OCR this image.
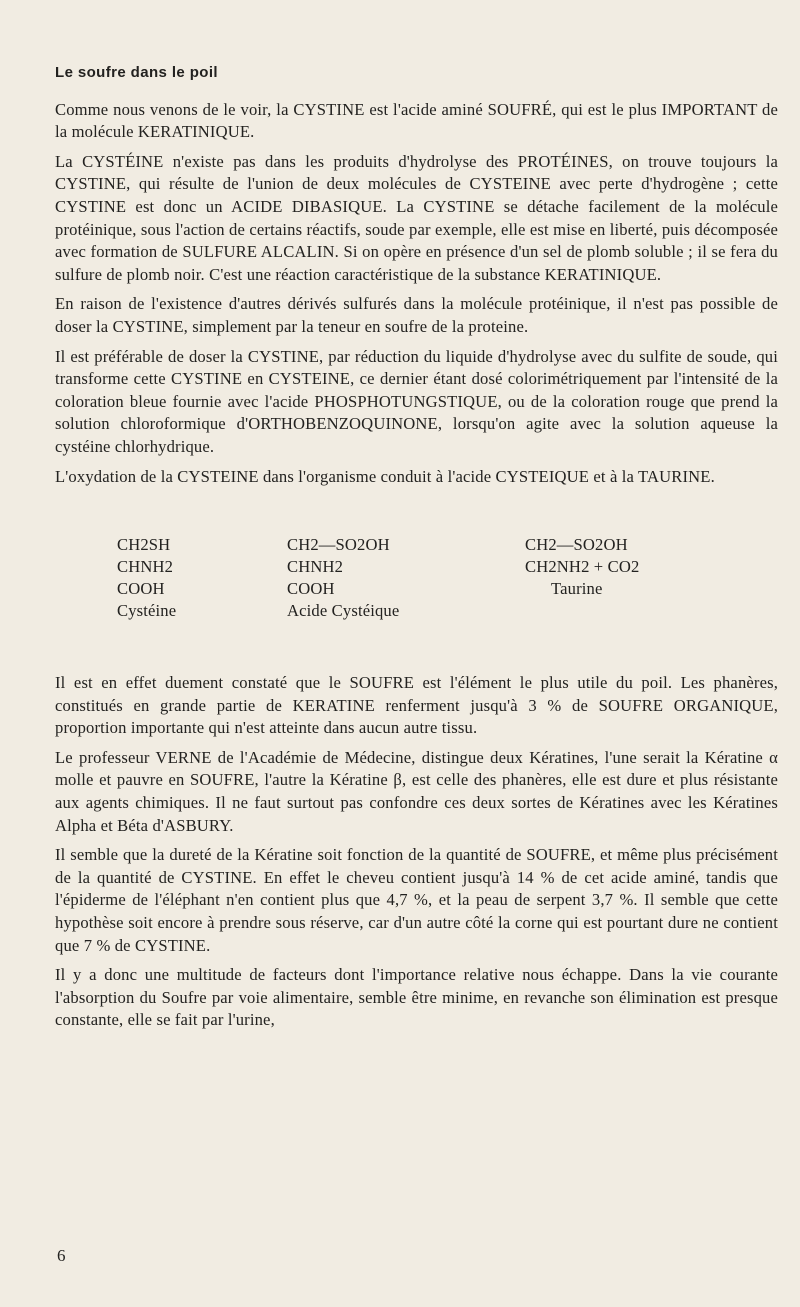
Le soufre dans le poil

Comme nous venons de le voir, la CYSTINE est l'acide aminé SOUFRÉ, qui est le plus IMPORTANT de la molécule KERATINIQUE.

La CYSTÉINE n'existe pas dans les produits d'hydrolyse des PROTÉINES, on trouve toujours la CYSTINE, qui résulte de l'union de deux molécules de CYSTEINE avec perte d'hydrogène ; cette CYSTINE est donc un ACIDE DIBASIQUE. La CYSTINE se détache facilement de la molécule protéinique, sous l'action de certains réactifs, soude par exemple, elle est mise en liberté, puis décomposée avec formation de SULFURE ALCALIN. Si on opère en présence d'un sel de plomb soluble ; il se fera du sulfure de plomb noir. C'est une réaction caractéristique de la substance KERATINIQUE.

En raison de l'existence d'autres dérivés sulfurés dans la molécule protéinique, il n'est pas possible de doser la CYSTINE, simplement par la teneur en soufre de la proteine.

Il est préférable de doser la CYSTINE, par réduction du liquide d'hydrolyse avec du sulfite de soude, qui transforme cette CYSTINE en CYSTEINE, ce dernier étant dosé colorimétriquement par l'intensité de la coloration bleue fournie avec l'acide PHOSPHOTUNGSTIQUE, ou de la coloration rouge que prend la solution chloroformique d'ORTHOBENZOQUINONE, lorsqu'on agite avec la solution aqueuse la cystéine chlorhydrique.

L'oxydation de la CYSTEINE dans l'organisme conduit à l'acide CYSTEIQUE et à la TAURINE.

CH2SH
CHNH2
COOH
Cystéine
CH2—SO2OH
CHNH2
COOH
Acide Cystéique
CH2—SO2OH
CH2NH2 + CO2
Taurine

Il est en effet duement constaté que le SOUFRE est l'élément le plus utile du poil. Les phanères, constitués en grande partie de KERATINE renferment jusqu'à 3 % de SOUFRE ORGANIQUE, proportion importante qui n'est atteinte dans aucun autre tissu.

Le professeur VERNE de l'Académie de Médecine, distingue deux Kératines, l'une serait la Kératine α molle et pauvre en SOUFRE, l'autre la Kératine β, est celle des phanères, elle est dure et plus résistante aux agents chimiques. Il ne faut surtout pas confondre ces deux sortes de Kératines avec les Kératines Alpha et Béta d'ASBURY.

Il semble que la dureté de la Kératine soit fonction de la quantité de SOUFRE, et même plus précisément de la quantité de CYSTINE. En effet le cheveu contient jusqu'à 14 % de cet acide aminé, tandis que l'épiderme de l'éléphant n'en contient plus que 4,7 %, et la peau de serpent 3,7 %. Il semble que cette hypothèse soit encore à prendre sous réserve, car d'un autre côté la corne qui est pourtant dure ne contient que 7 % de CYSTINE.

Il y a donc une multitude de facteurs dont l'importance relative nous échappe. Dans la vie courante l'absorption du Soufre par voie alimentaire, semble être minime, en revanche son élimination est presque constante, elle se fait par l'urine,

6
